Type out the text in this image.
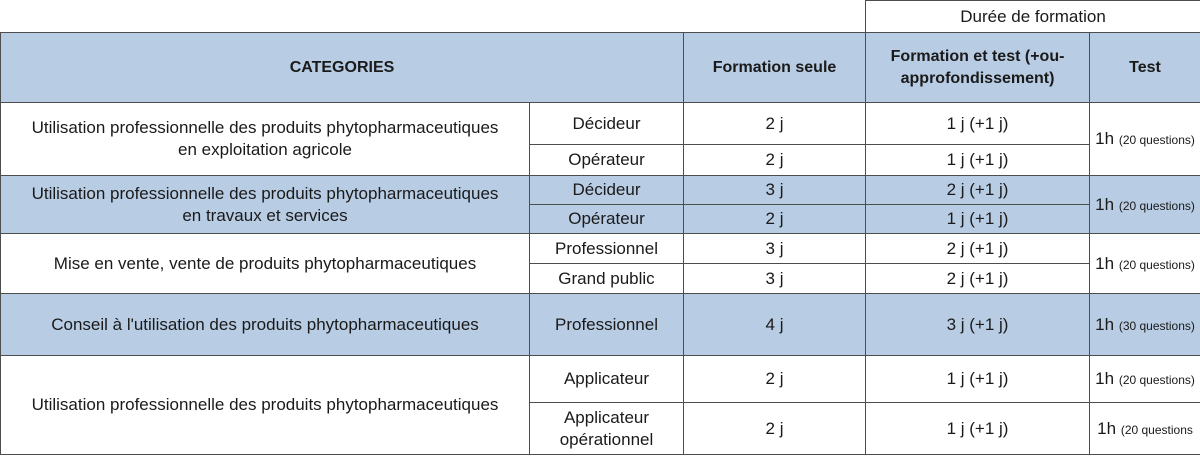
			Durée de formation	
CATEGORIES		Formation seule	Formation et test (+ou- approfondissement)	Test
Utilisation professionnelle des produits phytopharmaceutiques en exploitation agricole	Décideur	2 j	1 j (+1 j)	1h (20 questions)
	Opérateur	2 j	1 j (+1 j)	
Utilisation professionnelle des produits phytopharmaceutiques en travaux et services	Décideur	3 j	2 j (+1 j)	1h (20 questions)
	Opérateur	2 j	1 j (+1 j)	
Mise en vente, vente de produits phytopharmaceutiques	Professionnel	3 j	2 j (+1 j)	1h (20 questions)
	Grand public	3 j	2 j (+1 j)	
Conseil à l'utilisation des produits phytopharmaceutiques	Professionnel	4 j	3 j (+1 j)	1h (30 questions)
Utilisation professionnelle des produits phytopharmaceutiques	Applicateur	2 j	1 j (+1 j)	1h (20 questions)
	Applicateur opérationnel	2 j	1 j (+1 j)	1h (20 questions
